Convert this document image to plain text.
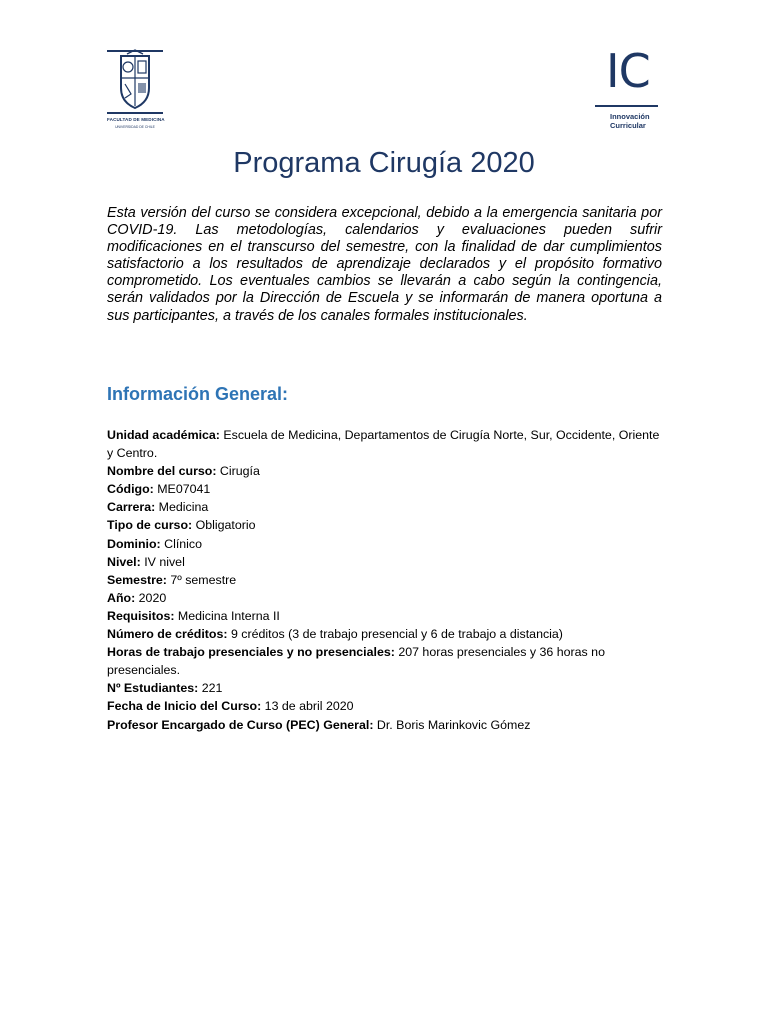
FACULTAD DE MEDICINA
UNIVERSIDAD DE CHILE
IC
Innovación
Curricular
Programa Cirugía 2020
Esta versión del curso se considera excepcional, debido a la emergencia sanitaria por COVID-19. Las metodologías, calendarios y evaluaciones pueden sufrir modificaciones en el transcurso del semestre, con la finalidad de dar cumplimientos satisfactorio a los resultados de aprendizaje declarados y el propósito formativo comprometido. Los eventuales cambios se llevarán a cabo según la contingencia, serán validados por la Dirección de Escuela y se informarán de manera oportuna a sus participantes, a través de los canales formales institucionales.
Información General:
Unidad académica: Escuela de Medicina, Departamentos de Cirugía Norte, Sur, Occidente, Oriente y Centro.
Nombre del curso: Cirugía
Código: ME07041
Carrera: Medicina
Tipo de curso: Obligatorio
Dominio: Clínico
Nivel: IV nivel
Semestre: 7º semestre
Año: 2020
Requisitos: Medicina Interna II
Número de créditos: 9 créditos (3 de trabajo presencial y 6 de trabajo a distancia)
Horas de trabajo presenciales y no presenciales: 207 horas presenciales y 36 horas no presenciales.
Nº Estudiantes: 221
Fecha de Inicio del Curso: 13 de abril 2020
Profesor Encargado de Curso (PEC) General: Dr. Boris Marinkovic Gómez
